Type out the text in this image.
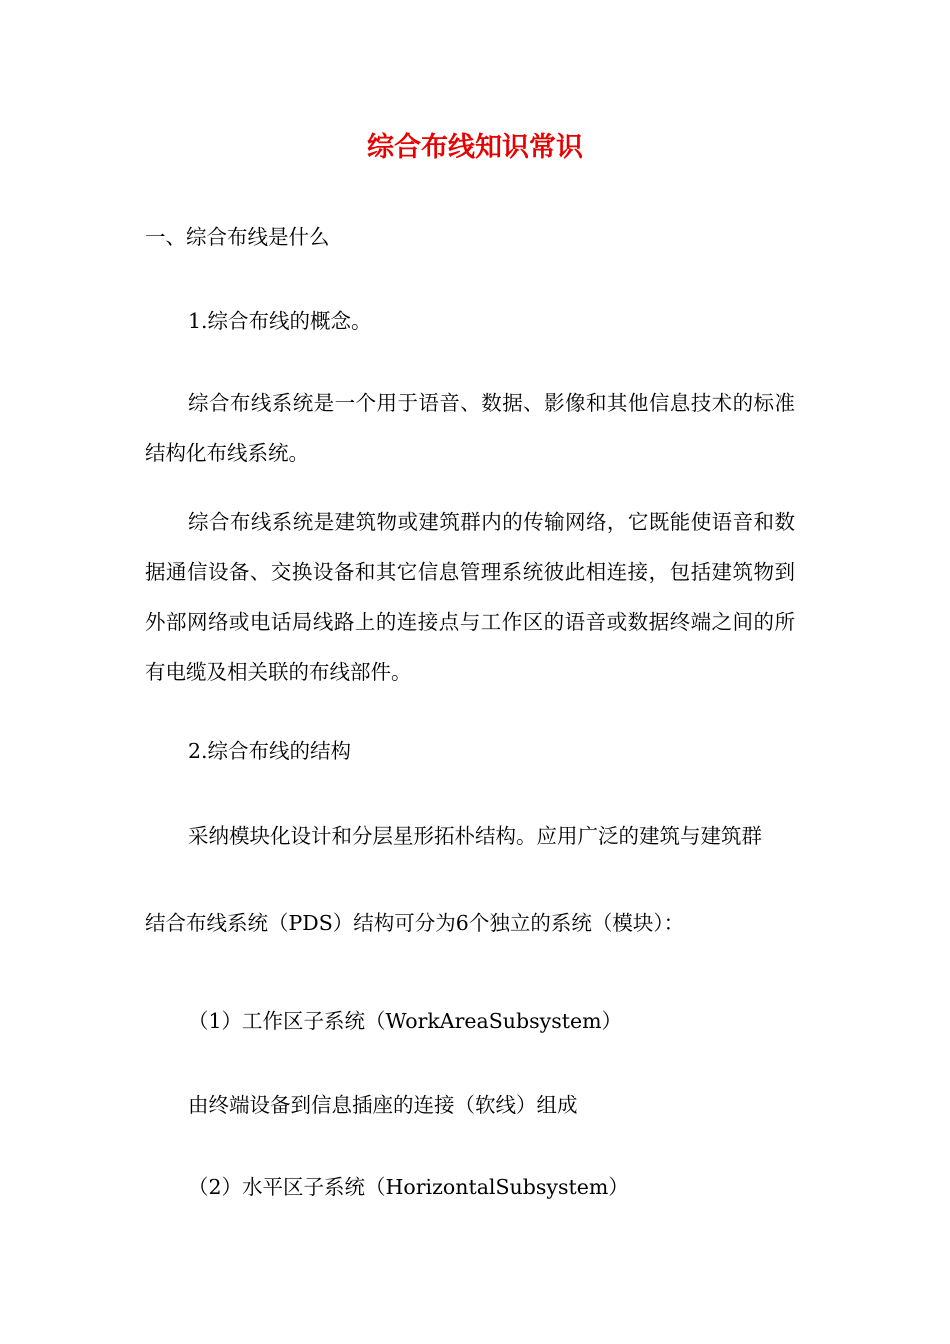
综合布线知识常识
一、综合布线是什么
1.综合布线的概念。
综合布线系统是一个用于语音、数据、影像和其他信息技术的标准结构化布线系统。
综合布线系统是建筑物或建筑群内的传输网络，它既能使语音和数据通信设备、交换设备和其它信息管理系统彼此相连接，包括建筑物到外部网络或电话局线路上的连接点与工作区的语音或数据终端之间的所有电缆及相关联的布线部件。
2.综合布线的结构
采纳模块化设计和分层星形拓朴结构。应用广泛的建筑与建筑群
结合布线系统（PDS）结构可分为6个独立的系统（模块）：
（1）工作区子系统（WorkAreaSubsystem）
由终端设备到信息插座的连接（软线）组成
（2）水平区子系统（HorizontalSubsystem）
